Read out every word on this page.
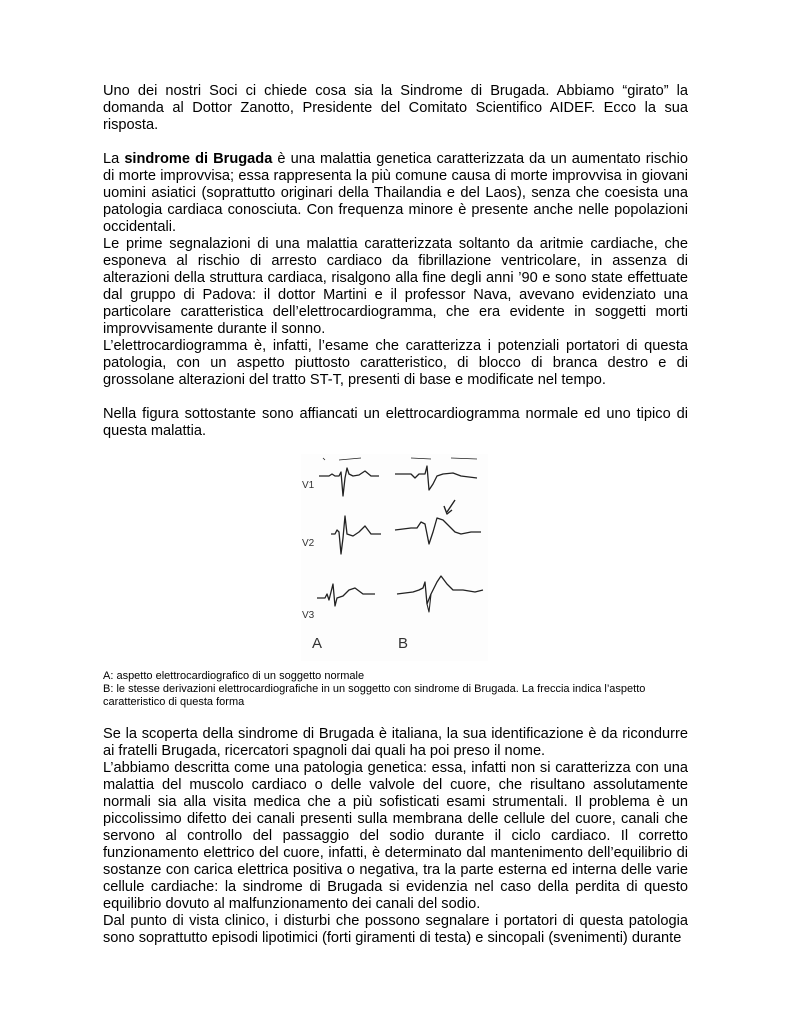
Uno dei nostri Soci ci chiede cosa sia la Sindrome di Brugada. Abbiamo “girato” la domanda al Dottor Zanotto, Presidente del Comitato Scientifico AIDEF. Ecco la sua risposta.

La sindrome di Brugada è una malattia genetica caratterizzata da un aumentato rischio di morte improvvisa; essa rappresenta la più comune causa di morte improvvisa in giovani uomini asiatici (soprattutto originari della Thailandia e del Laos), senza che coesista una patologia cardiaca conosciuta. Con frequenza minore è presente anche nelle popolazioni occidentali.

Le prime segnalazioni di una malattia caratterizzata soltanto da aritmie cardiache, che esponeva al rischio di arresto cardiaco da fibrillazione ventricolare, in assenza di alterazioni della struttura cardiaca, risalgono alla fine degli anni ’90 e sono state effettuate dal gruppo di Padova: il dottor Martini e il professor Nava, avevano evidenziato una particolare caratteristica dell’elettrocardiogramma, che era evidente in soggetti morti improvvisamente durante il sonno.

L’elettrocardiogramma è, infatti, l’esame che caratterizza i potenziali portatori di questa patologia, con un aspetto piuttosto caratteristico, di blocco di branca destro e di grossolane alterazioni del tratto ST-T, presenti di base e modificate nel tempo.

Nella figura sottostante sono affiancati un elettrocardiogramma normale ed uno tipico di questa malattia.

V1
V2
V3
A	B

A: aspetto elettrocardiografico di un soggetto normale

B: le stesse derivazioni elettrocardiografiche in un soggetto con sindrome di Brugada. La freccia indica l’aspetto caratteristico di questa forma

Se la scoperta della sindrome di Brugada è italiana, la sua identificazione è da ricondurre ai fratelli Brugada, ricercatori spagnoli dai quali ha poi preso il nome.

L’abbiamo descritta come una patologia genetica: essa, infatti non si caratterizza con una malattia del muscolo cardiaco o delle valvole del cuore, che risultano assolutamente normali sia alla visita medica che a più sofisticati esami strumentali. Il problema è un piccolissimo difetto dei canali presenti sulla membrana delle cellule del cuore, canali che servono al controllo del passaggio del sodio durante il ciclo cardiaco. Il corretto funzionamento elettrico del cuore, infatti, è determinato dal mantenimento dell’equilibrio di sostanze con carica elettrica positiva o negativa, tra la parte esterna ed interna delle varie cellule cardiache: la sindrome di Brugada si evidenzia nel caso della perdita di questo equilibrio dovuto al malfunzionamento dei canali del sodio.

Dal punto di vista clinico, i disturbi che possono segnalare i portatori di questa patologia sono soprattutto episodi lipotimici (forti giramenti di testa) e sincopali (svenimenti) durante
